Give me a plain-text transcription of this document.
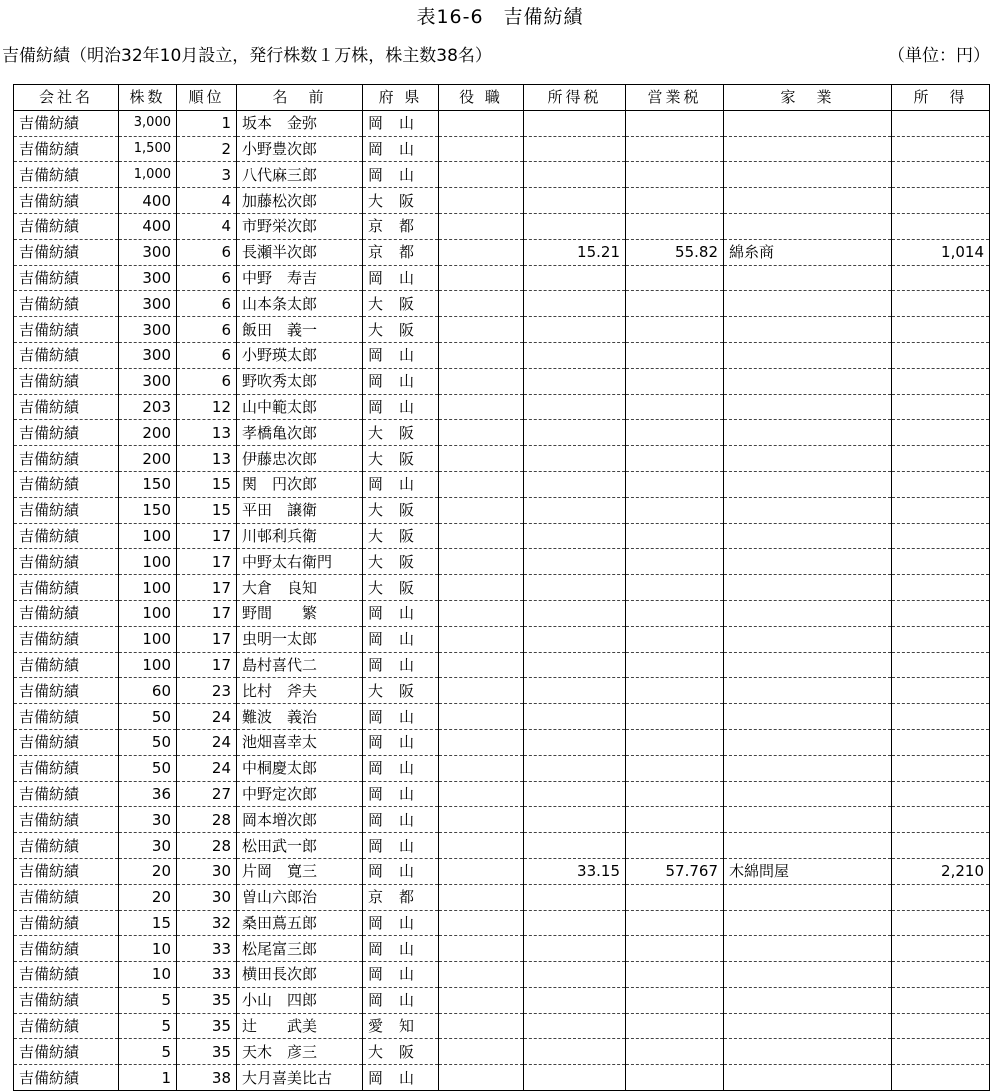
表16-6　吉備紡績
吉備紡績（明治32年10月設立，発行株数１万株，株主数38名）	（単位：円）
会社名	株数	順位	名　前	府 県	役 職	所得税	営業税	家　業	所　得
吉備紡績	3,000	1	坂本　金弥	岡山					
吉備紡績	1,500	2	小野豊次郎	岡山					
吉備紡績	1,000	3	八代麻三郎	岡山					
吉備紡績	400	4	加藤松次郎	大阪					
吉備紡績	400	4	市野栄次郎	京都					
吉備紡績	300	6	長瀬半次郎	京都		15.21	55.82	綿糸商	1,014
吉備紡績	300	6	中野　寿吉	岡山					
吉備紡績	300	6	山本条太郎	大阪					
吉備紡績	300	6	飯田　義一	大阪					
吉備紡績	300	6	小野瑛太郎	岡山					
吉備紡績	300	6	野吹秀太郎	岡山					
吉備紡績	203	12	山中範太郎	岡山					
吉備紡績	200	13	孝橋亀次郎	大阪					
吉備紡績	200	13	伊藤忠次郎	大阪					
吉備紡績	150	15	関　円次郎	岡山					
吉備紡績	150	15	平田　譲衛	大阪					
吉備紡績	100	17	川邨利兵衛	大阪					
吉備紡績	100	17	中野太右衛門	大阪					
吉備紡績	100	17	大倉　良知	大阪					
吉備紡績	100	17	野間　　繁	岡山					
吉備紡績	100	17	虫明一太郎	岡山					
吉備紡績	100	17	島村喜代二	岡山					
吉備紡績	60	23	比村　斧夫	大阪					
吉備紡績	50	24	難波　義治	岡山					
吉備紡績	50	24	池畑喜幸太	岡山					
吉備紡績	50	24	中桐慶太郎	岡山					
吉備紡績	36	27	中野定次郎	岡山					
吉備紡績	30	28	岡本増次郎	岡山					
吉備紡績	30	28	松田武一郎	岡山					
吉備紡績	20	30	片岡　寛三	岡山		33.15	57.767	木綿問屋	2,210
吉備紡績	20	30	曽山六郎治	京都					
吉備紡績	15	32	桑田蔦五郎	岡山					
吉備紡績	10	33	松尾富三郎	岡山					
吉備紡績	10	33	横田長次郎	岡山					
吉備紡績	5	35	小山　四郎	岡山					
吉備紡績	5	35	辻　　武美	愛知					
吉備紡績	5	35	天木　彦三	大阪					
吉備紡績	1	38	大月喜美比古	岡山					
